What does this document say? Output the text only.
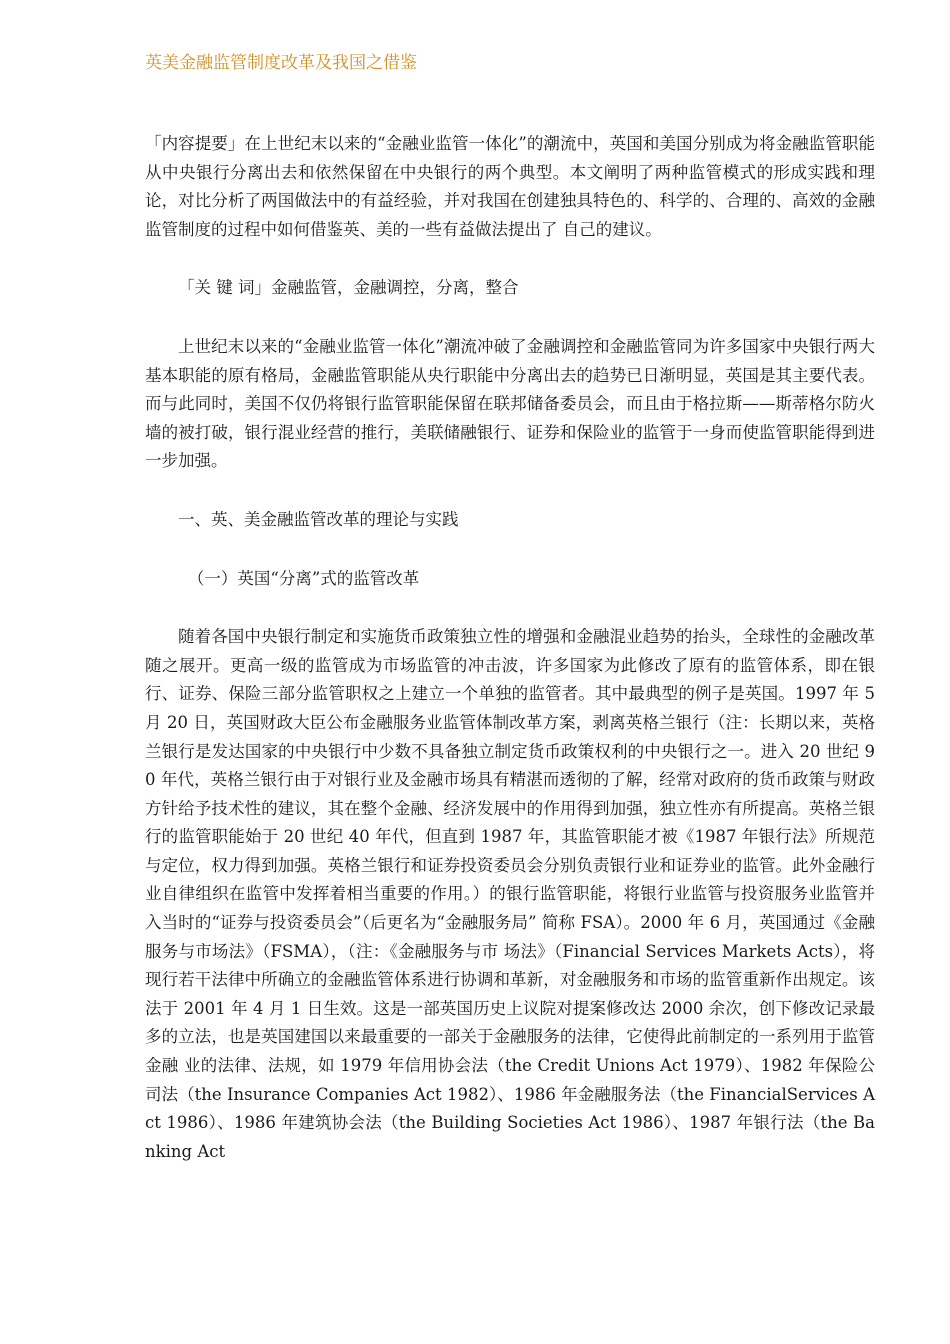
英美金融监管制度改革及我国之借鉴

「内容提要」在上世纪末以来的“金融业监管一体化”的潮流中，英国和美国分别成为将金融监管职能从中央银行分离出去和依然保留在中央银行的两个典型。本文阐明了两种监管模式的形成实践和理论，对比分析了两国做法中的有益经验，并对我国在创建独具特色的、科学的、合理的、高效的金融监管制度的过程中如何借鉴英、美的一些有益做法提出了 自己的建议。

「关 键 词」金融监管，金融调控，分离，整合

上世纪末以来的“金融业监管一体化”潮流冲破了金融调控和金融监管同为许多国家中央银行两大基本职能的原有格局，金融监管职能从央行职能中分离出去的趋势已日渐明显，英国是其主要代表。而与此同时，美国不仅仍将银行监管职能保留在联邦储备委员会，而且由于格拉斯——斯蒂格尔防火墙的被打破，银行混业经营的推行，美联储融银行、证券和保险业的监管于一身而使监管职能得到进一步加强。

一、英、美金融监管改革的理论与实践

（一）英国“分离”式的监管改革

随着各国中央银行制定和实施货币政策独立性的增强和金融混业趋势的抬头，全球性的金融改革随之展开。更高一级的监管成为市场监管的冲击波，许多国家为此修改了原有的监管体系，即在银行、证券、保险三部分监管职权之上建立一个单独的监管者。其中最典型的例子是英国。1997 年 5 月 20 日，英国财政大臣公布金融服务业监管体制改革方案，剥离英格兰银行（注：长期以来，英格兰银行是发达国家的中央银行中少数不具备独立制定货币政策权利的中央银行之一。进入 20 世纪 90 年代，英格兰银行由于对银行业及金融市场具有精湛而透彻的了解，经常对政府的货币政策与财政方针给予技术性的建议，其在整个金融、经济发展中的作用得到加强，独立性亦有所提高。英格兰银行的监管职能始于 20 世纪 40 年代，但直到 1987 年，其监管职能才被《1987 年银行法》所规范与定位，权力得到加强。英格兰银行和证券投资委员会分别负责银行业和证券业的监管。此外金融行业自律组织在监管中发挥着相当重要的作用。）的银行监管职能，将银行业监管与投资服务业监管并入当时的“证券与投资委员会”（后更名为“金融服务局” 简称 FSA）。2000 年 6 月，英国通过《金融服务与市场法》（FSMA），（注：《金融服务与市 场法》（Financial Services Markets Acts），将现行若干法律中所确立的金融监管体系进行协调和革新，对金融服务和市场的监管重新作出规定。该法于 2001 年 4 月 1 日生效。这是一部英国历史上议院对提案修改达 2000 余次，创下修改记录最多的立法，也是英国建国以来最重要的一部关于金融服务的法律，它使得此前制定的一系列用于监管金融 业的法律、法规，如 1979 年信用协会法（the Credit Unions Act 1979）、1982 年保险公 司法（the Insurance Companies Act 1982）、1986 年金融服务法（the FinancialServices Act 1986）、1986 年建筑协会法（the Building Societies Act 1986）、1987 年银行法（the Banking Act
